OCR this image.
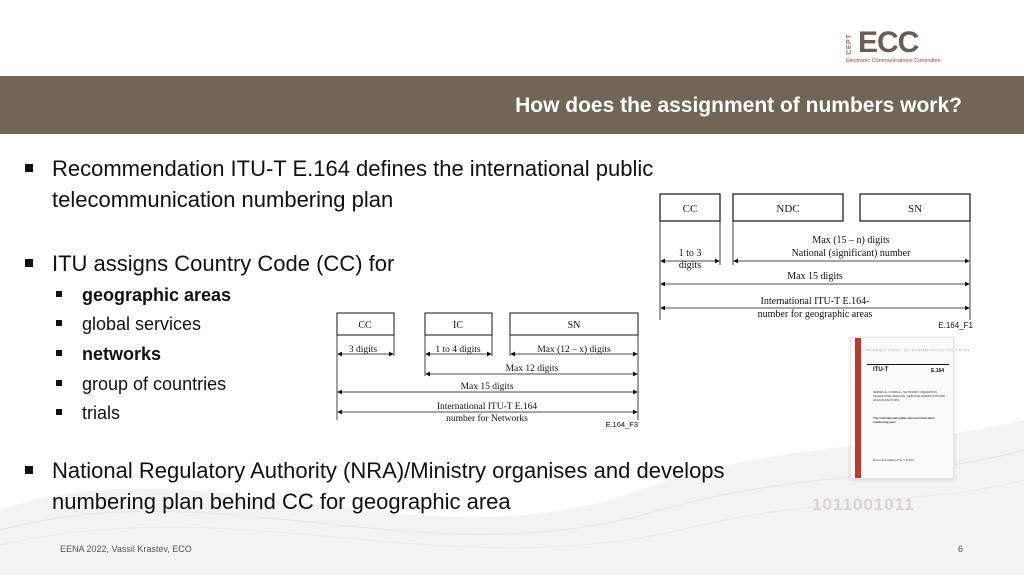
CEPT ECC
Electronic Communications Committee
How does the assignment of numbers work?
Recommendation ITU-T E.164 defines the international public
telecommunication numbering plan
ITU assigns Country Code (CC) for
geographic areas
global services
networks
group of countries
trials
National Regulatory Authority (NRA)/Ministry organises and develops
numbering plan behind CC for geographic area
CC	NDC	SN
1 to 3
digits
Max (15 – n) digits
National (significant) number
Max 15 digits
International ITU-T E.164-
number for geographic areas
E.164_F1
CC	IC	SN
3 digits	1 to 4 digits	Max (12 – x) digits
Max 12 digits
Max 15 digits
International ITU-T E.164
number for Networks
E.164_F3
INTERNATIONAL TELECOMMUNICATION UNION
ITU-T	E.164
SERIES E: OVERALL NETWORK OPERATION, TELEPHONE SERVICE, SERVICE OPERATION AND HUMAN FACTORS
The international public telecommunication numbering plan
Recommendation ITU-T E.164
1011001011
EENA 2022, Vassil Krastev, ECO	6
